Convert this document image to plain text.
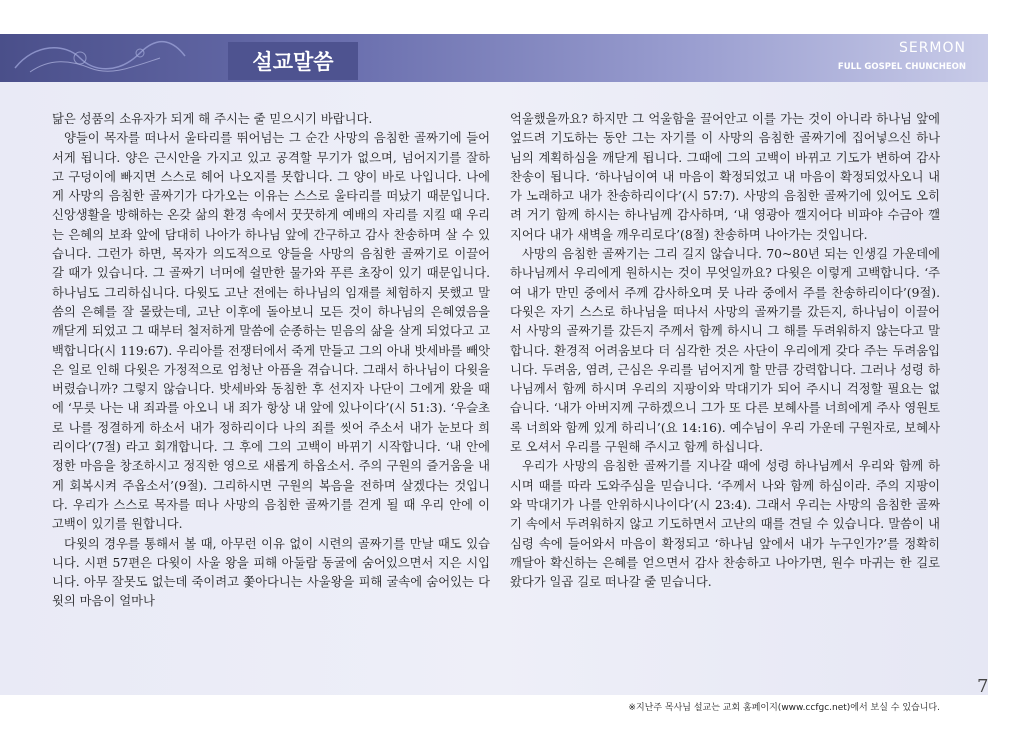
설교말씀
SERMON
FULL GOSPEL CHUNCHEON

닮은 성품의 소유자가 되게 해 주시는 줄 믿으시기 바랍니다.

양들이 목자를 떠나서 울타리를 뛰어넘는 그 순간 사망의 음침한 골짜기에 들어서게 됩니다. 양은 근시안을 가지고 있고 공격할 무기가 없으며, 넘어지기를 잘하고 구덩이에 빠지면 스스로 헤어 나오지를 못합니다. 그 양이 바로 나입니다. 나에게 사망의 음침한 골짜기가 다가오는 이유는 스스로 울타리를 떠났기 때문입니다. 신앙생활을 방해하는 온갖 삶의 환경 속에서 꿋꿋하게 예배의 자리를 지킬 때 우리는 은혜의 보좌 앞에 담대히 나아가 하나님 앞에 간구하고 감사 찬송하며 살 수 있습니다. 그런가 하면, 목자가 의도적으로 양들을 사망의 음침한 골짜기로 이끌어 갈 때가 있습니다. 그 골짜기 너머에 쉴만한 물가와 푸른 초장이 있기 때문입니다. 하나님도 그리하십니다. 다윗도 고난 전에는 하나님의 임재를 체험하지 못했고 말씀의 은혜를 잘 몰랐는데, 고난 이후에 돌아보니 모든 것이 하나님의 은혜였음을 깨닫게 되었고 그 때부터 철저하게 말씀에 순종하는 믿음의 삶을 살게 되었다고 고백합니다(시 119:67). 우리아를 전쟁터에서 죽게 만들고 그의 아내 밧세바를 빼앗은 일로 인해 다윗은 가정적으로 엄청난 아픔을 겪습니다. 그래서 하나님이 다윗을 버렸습니까? 그렇지 않습니다. 밧세바와 동침한 후 선지자 나단이 그에게 왔을 때에 ‘무릇 나는 내 죄과를 아오니 내 죄가 항상 내 앞에 있나이다’(시 51:3). ‘우슬초로 나를 정결하게 하소서 내가 정하리이다 나의 죄를 씻어 주소서 내가 눈보다 희리이다’(7절) 라고 회개합니다. 그 후에 그의 고백이 바뀌기 시작합니다. ‘내 안에 정한 마음을 창조하시고 정직한 영으로 새롭게 하옵소서. 주의 구원의 즐거움을 내게 회복시켜 주옵소서’(9절). 그리하시면 구원의 복음을 전하며 살겠다는 것입니다. 우리가 스스로 목자를 떠나 사망의 음침한 골짜기를 걷게 될 때 우리 안에 이 고백이 있기를 원합니다.

다윗의 경우를 통해서 볼 때, 아무런 이유 없이 시련의 골짜기를 만날 때도 있습니다. 시편 57편은 다윗이 사울 왕을 피해 아둘람 동굴에 숨어있으면서 지은 시입니다. 아무 잘못도 없는데 죽이려고 쫓아다니는 사울왕을 피해 굴속에 숨어있는 다윗의 마음이 얼마나

억울했을까요? 하지만 그 억울함을 끌어안고 이를 가는 것이 아니라 하나님 앞에 엎드려 기도하는 동안 그는 자기를 이 사망의 음침한 골짜기에 집어넣으신 하나님의 계획하심을 깨닫게 됩니다. 그때에 그의 고백이 바뀌고 기도가 변하여 감사 찬송이 됩니다. ‘하나님이여 내 마음이 확정되었고 내 마음이 확정되었사오니 내가 노래하고 내가 찬송하리이다’(시 57:7). 사망의 음침한 골짜기에 있어도 오히려 거기 함께 하시는 하나님께 감사하며, ‘내 영광아 깰지어다 비파야 수금아 깰지어다 내가 새벽을 깨우리로다’(8절) 찬송하며 나아가는 것입니다.

사망의 음침한 골짜기는 그리 길지 않습니다. 70~80년 되는 인생길 가운데에 하나님께서 우리에게 원하시는 것이 무엇일까요? 다윗은 이렇게 고백합니다. ‘주여 내가 만민 중에서 주께 감사하오며 뭇 나라 중에서 주를 찬송하리이다’(9절). 다윗은 자기 스스로 하나님을 떠나서 사망의 골짜기를 갔든지, 하나님이 이끌어서 사망의 골짜기를 갔든지 주께서 함께 하시니 그 해를 두려워하지 않는다고 말합니다. 환경적 어려움보다 더 심각한 것은 사단이 우리에게 갖다 주는 두려움입니다. 두려움, 염려, 근심은 우리를 넘어지게 할 만큼 강력합니다. 그러나 성령 하나님께서 함께 하시며 우리의 지팡이와 막대기가 되어 주시니 걱정할 필요는 없습니다. ‘내가 아버지께 구하겠으니 그가 또 다른 보혜사를 너희에게 주사 영원토록 너희와 함께 있게 하리니’(요 14:16). 예수님이 우리 가운데 구원자로, 보혜사로 오셔서 우리를 구원해 주시고 함께 하십니다.

우리가 사망의 음침한 골짜기를 지나갈 때에 성령 하나님께서 우리와 함께 하시며 때를 따라 도와주심을 믿습니다. ‘주께서 나와 함께 하심이라. 주의 지팡이와 막대기가 나를 안위하시나이다’(시 23:4). 그래서 우리는 사망의 음침한 골짜기 속에서 두려워하지 않고 기도하면서 고난의 때를 견딜 수 있습니다. 말씀이 내 심령 속에 들어와서 마음이 확정되고 ‘하나님 앞에서 내가 누구인가?’를 정확히 깨달아 확신하는 은혜를 얻으면서 감사 찬송하고 나아가면, 원수 마귀는 한 길로 왔다가 일곱 길로 떠나갈 줄 믿습니다.

7
※지난주 목사님 설교는 교회 홈페이지(www.ccfgc.net)에서 보실 수 있습니다.
